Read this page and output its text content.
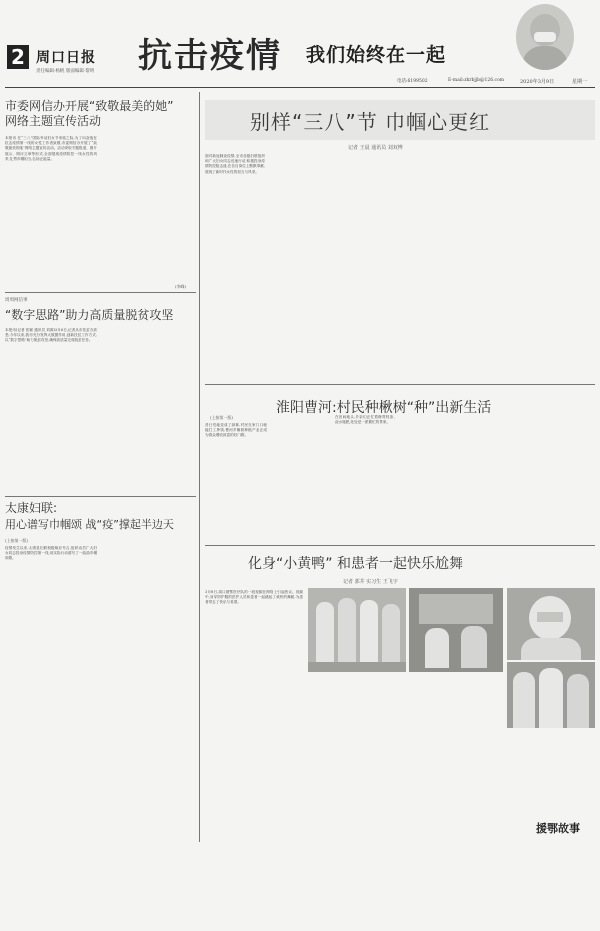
2 周口日报
责任编辑·杨帆 版面编辑·黎明 抗击疫情 我们始终在一起
电话:6199502	E-mail:zkrbjjb@126.com	2020年3月9日	星期一
市委网信办开展“致敬最美的她”
网络主题宣传活动
本报讯 在“三八”国际劳动妇女节来临之际,为了向奋战在抗击疫情第一线的女性工作者致敬,市委网信办开展了“致敬最美的她”网络主题宣传活动。活动采取专题报道、图片展示、网评文章等形式,全面展现疫情防控一线女性的风采,礼赞巾帼担当,弘扬正能量。
(李峰)
周周网信事
“数字思路”助力高质量脱贫攻坚
本报讯(记者 张颖 通讯员 刘源)3月6日,记者从市扶贫办获悉,今年以来,我市充分发挥大数据作用,创新扶贫工作方式,以“数字思路”助力脱贫攻坚,确保高质量完成脱贫任务。
太康妇联:
用心谱写巾帼颂 战“疫”撑起半边天
(上接第一版)
疫情发生以来,太康县妇联积极响应号召,组织动员广大妇女同志投身疫情防控第一线,用实际行动谱写了一曲曲巾帼颂歌。
别样“三八”节 巾帼心更红
记者 王晨 通讯员 刘双博
面对新冠肺炎疫情,全市各级妇联组织和广大妇女同志迅速行动,积极投身疫情防控阻击战,在各自岗位上默默奉献,展现了新时代女性的担当与风采。
淮阳曹河:村民种楸树“种”出新生活
(上接第一版)
昔日荒地变成了绿林,村民在家门口就能打工挣钱,曹河乡楸树种植产业正成为群众增收致富的好门路。
在田间地头,乡亲们正忙着修剪枝条、浇水施肥,处处是一派繁忙的景象。
化身“小黄鸭” 和患者一起快乐尬舞
记者 郭井 实习生 王飞宇
3月8日,周口援鄂医疗队的一段视频在网络上引起热议。视频中,身穿防护服的医护人员和患者一起跳起了欢快的舞蹈,为患者带去了快乐与希望。
援鄂故事
